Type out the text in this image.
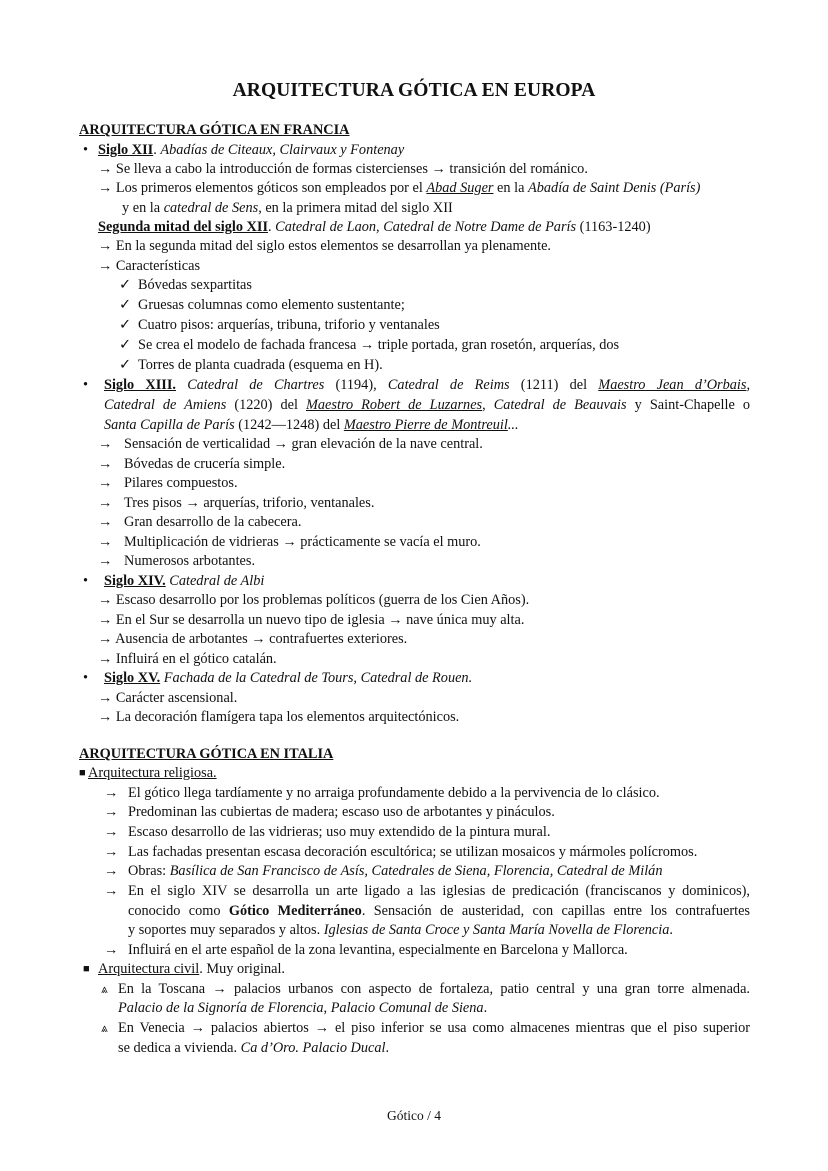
ARQUITECTURA GÓTICA EN EUROPA
ARQUITECTURA GÓTICA EN FRANCIA
• Siglo XII. Abadías de Citeaux, Clairvaux y Fontenay
→ Se lleva a cabo la introducción de formas cistercienses → transición del románico.
→ Los primeros elementos góticos son empleados por el Abad Suger en la Abadía de Saint Denis (París)
y en la catedral de Sens, en la primera mitad del siglo XII
Segunda mitad del siglo XII. Catedral de Laon, Catedral de Notre Dame de París (1163-1240)
→ En la segunda mitad del siglo estos elementos se desarrollan ya plenamente.
→ Características
✓ Bóvedas sexpartitas
✓ Gruesas columnas como elemento sustentante;
✓ Cuatro pisos: arquerías, tribuna, triforio y ventanales
✓ Se crea el modelo de fachada francesa → triple portada, gran rosetón, arquerías, dos
✓ Torres de planta cuadrada (esquema en H).
• Siglo XIII. Catedral de Chartres (1194), Catedral de Reims (1211) del Maestro Jean d’Orbais,
Catedral de Amiens (1220) del Maestro Robert de Luzarnes, Catedral de Beauvais y Saint-Chapelle o
Santa Capilla de París (1242—1248) del Maestro Pierre de Montreuil...
→ Sensación de verticalidad → gran elevación de la nave central.
→ Bóvedas de crucería simple.
→ Pilares compuestos.
→ Tres pisos → arquerías, triforio, ventanales.
→ Gran desarrollo de la cabecera.
→ Multiplicación de vidrieras → prácticamente se vacía el muro.
→ Numerosos arbotantes.
• Siglo XIV. Catedral de Albi
→ Escaso desarrollo por los problemas políticos (guerra de los Cien Años).
→ En el Sur se desarrolla un nuevo tipo de iglesia → nave única muy alta.
→ Ausencia de arbotantes → contrafuertes exteriores.
→ Influirá en el gótico catalán.
• Siglo XV. Fachada de la Catedral de Tours, Catedral de Rouen.
→ Carácter ascensional.
→ La decoración flamígera tapa los elementos arquitectónicos.
ARQUITECTURA GÓTICA EN ITALIA
■ Arquitectura religiosa.
→ El gótico llega tardíamente y no arraiga profundamente debido a la pervivencia de lo clásico.
→ Predominan las cubiertas de madera; escaso uso de arbotantes y pináculos.
→ Escaso desarrollo de las vidrieras; uso muy extendido de la pintura mural.
→ Las fachadas presentan escasa decoración escultórica; se utilizan mosaicos y mármoles polícromos.
→ Obras: Basílica de San Francisco de Asís, Catedrales de Siena, Florencia, Catedral de Milán
→ En el siglo XIV se desarrolla un arte ligado a las iglesias de predicación (franciscanos y dominicos),
conocido como Gótico Mediterráneo. Sensación de austeridad, con capillas entre los contrafuertes
y soportes muy separados y altos. Iglesias de Santa Croce y Santa María Novella de Florencia.
→ Influirá en el arte español de la zona levantina, especialmente en Barcelona y Mallorca.
■ Arquitectura civil. Muy original.
⩓ En la Toscana → palacios urbanos con aspecto de fortaleza, patio central y una gran torre almenada.
Palacio de la Signoría de Florencia, Palacio Comunal de Siena.
⩓ En Venecia → palacios abiertos → el piso inferior se usa como almacenes mientras que el piso superior
se dedica a vivienda. Ca d’Oro. Palacio Ducal.
Gótico / 4
